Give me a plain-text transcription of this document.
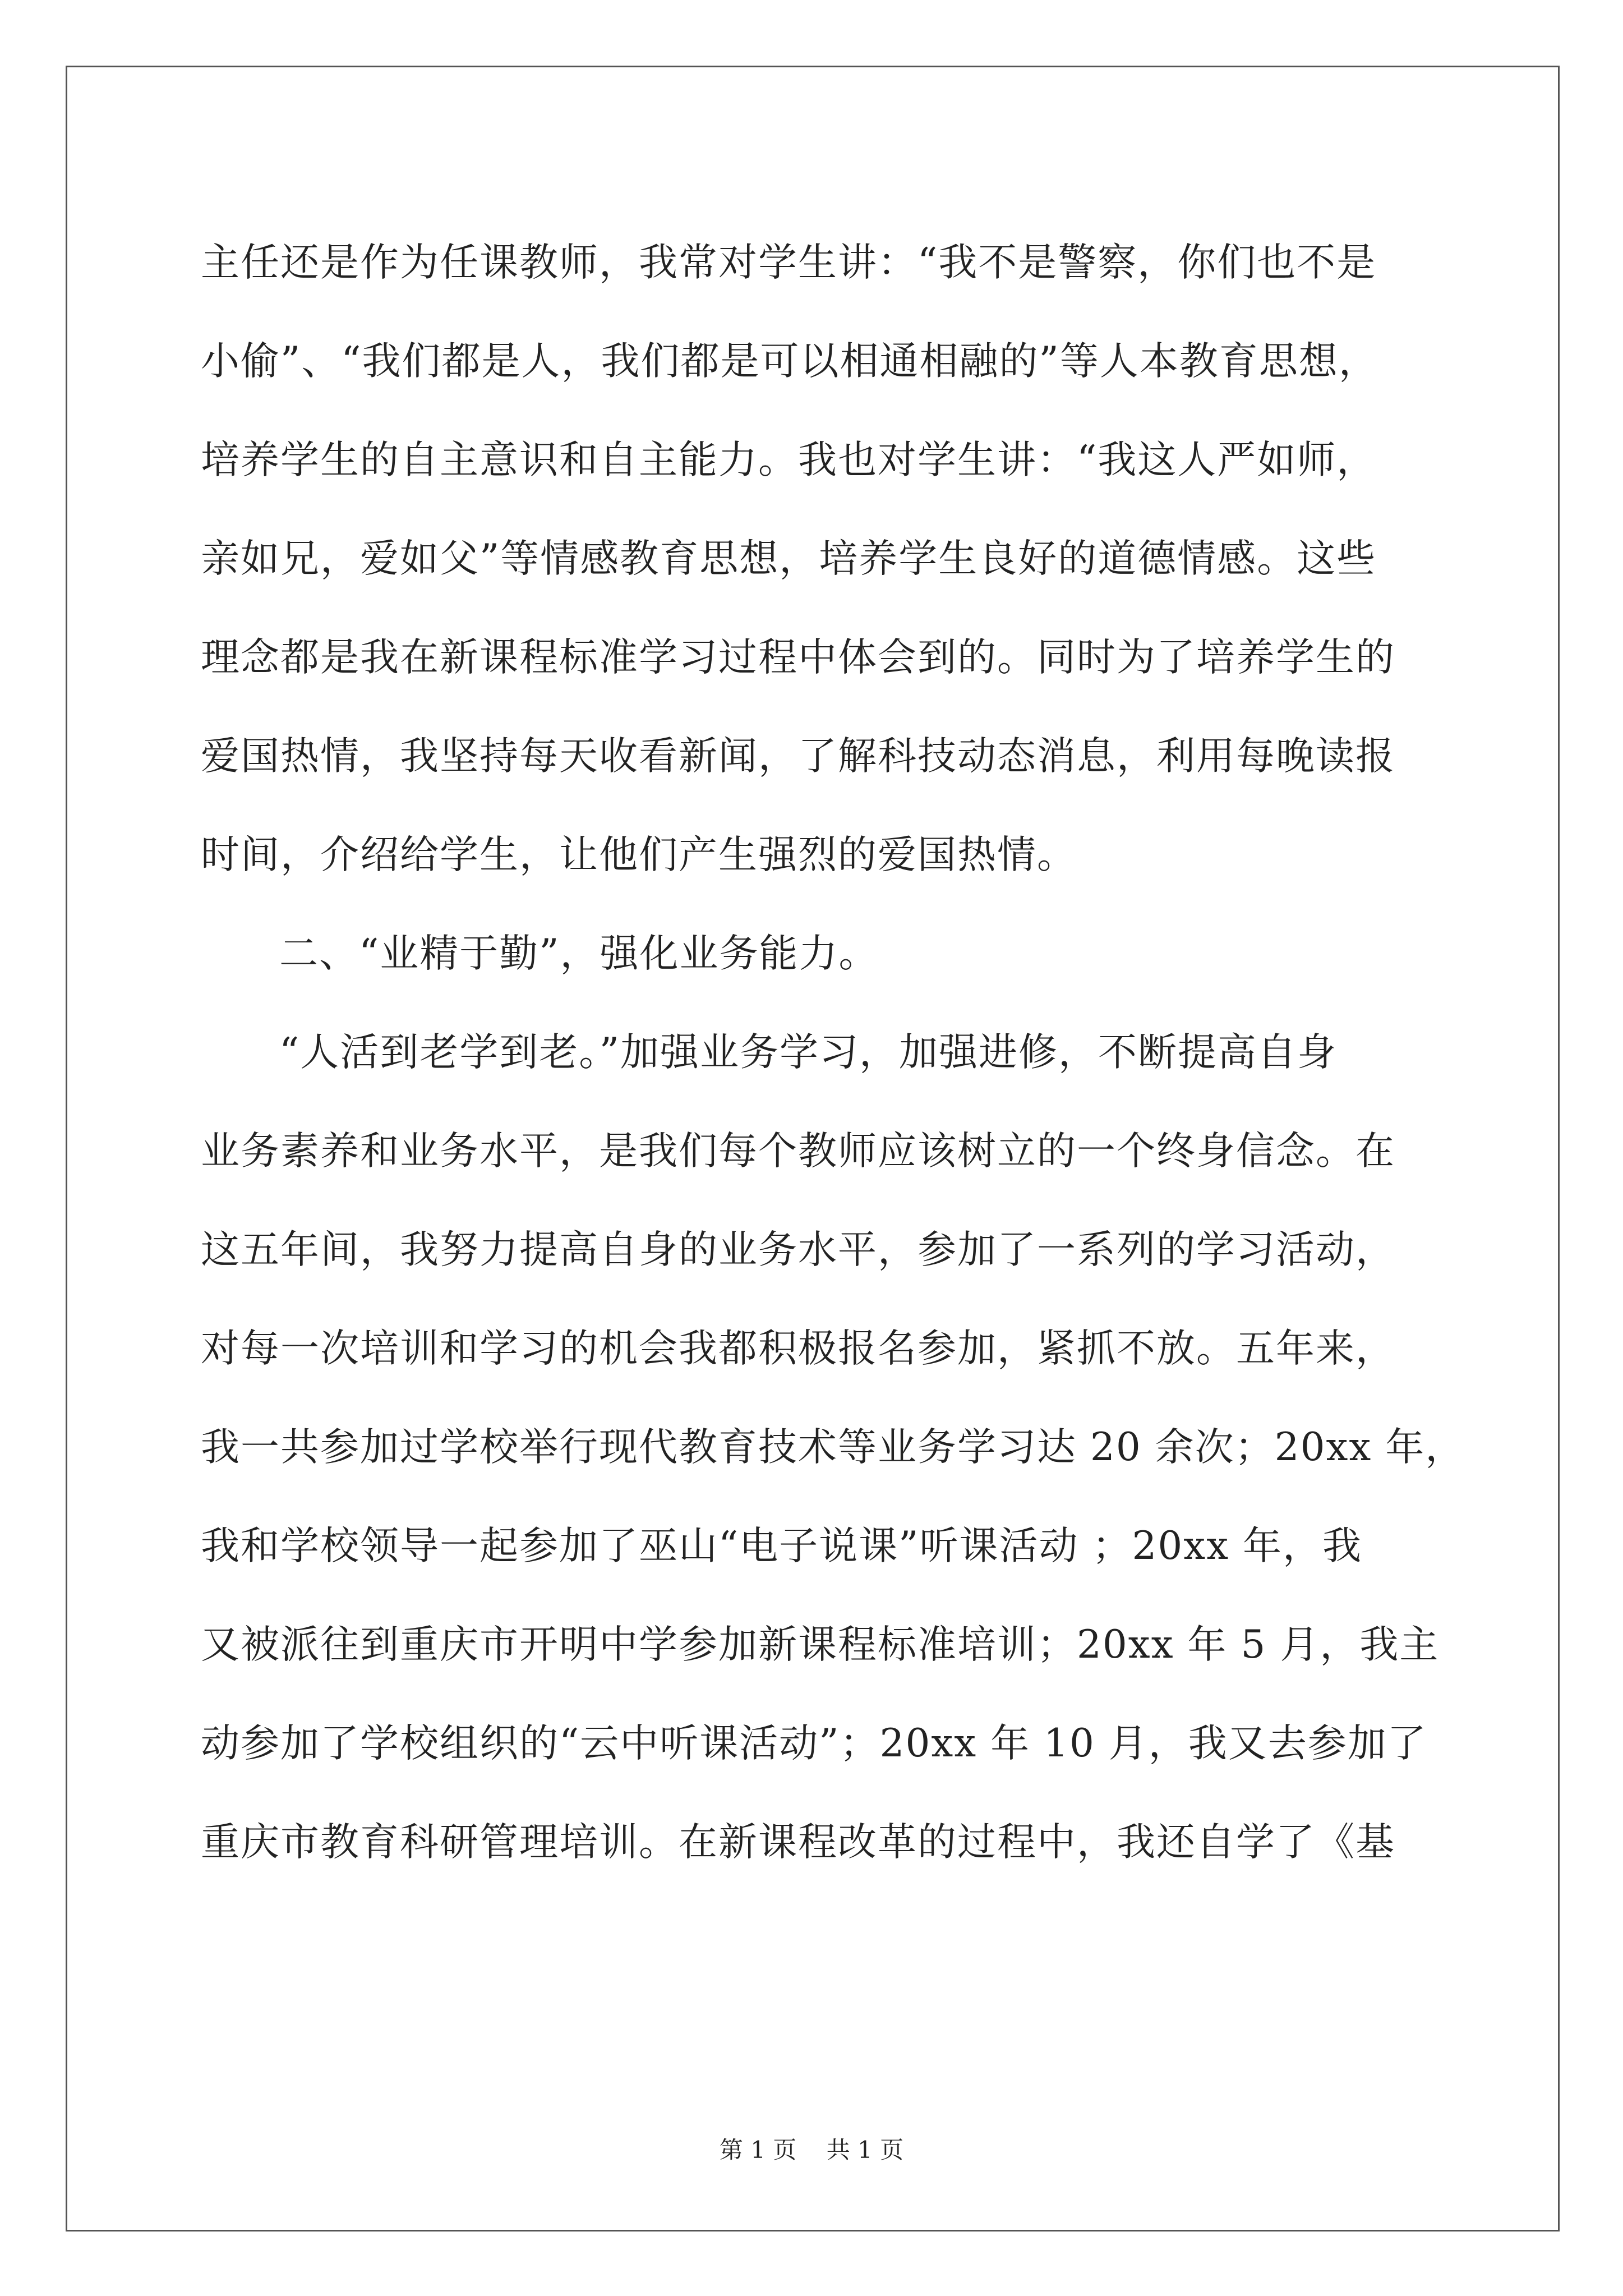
主任还是作为任课教师，我常对学生讲：“我不是警察，你们也不是
小偷”、“我们都是人，我们都是可以相通相融的”等人本教育思想，
培养学生的自主意识和自主能力。我也对学生讲：“我这人严如师，
亲如兄，爱如父”等情感教育思想，培养学生良好的道德情感。这些
理念都是我在新课程标准学习过程中体会到的。同时为了培养学生的
爱国热情，我坚持每天收看新闻，了解科技动态消息，利用每晚读报
时间，介绍给学生，让他们产生强烈的爱国热情。
二、“业精于勤”，强化业务能力。
“人活到老学到老。”加强业务学习，加强进修，不断提高自身
业务素养和业务水平，是我们每个教师应该树立的一个终身信念。在
这五年间，我努力提高自身的业务水平，参加了一系列的学习活动，
对每一次培训和学习的机会我都积极报名参加，紧抓不放。五年来，
我一共参加过学校举行现代教育技术等业务学习达 20 余次；20xx 年，
我和学校领导一起参加了巫山“电子说课”听课活动 ；20xx 年，我
又被派往到重庆市开明中学参加新课程标准培训；20xx 年 5 月，我主
动参加了学校组织的“云中听课活动”；20xx 年 10 月，我又去参加了
重庆市教育科研管理培训。在新课程改革的过程中，我还自学了《基
第 1 页    共 1 页
